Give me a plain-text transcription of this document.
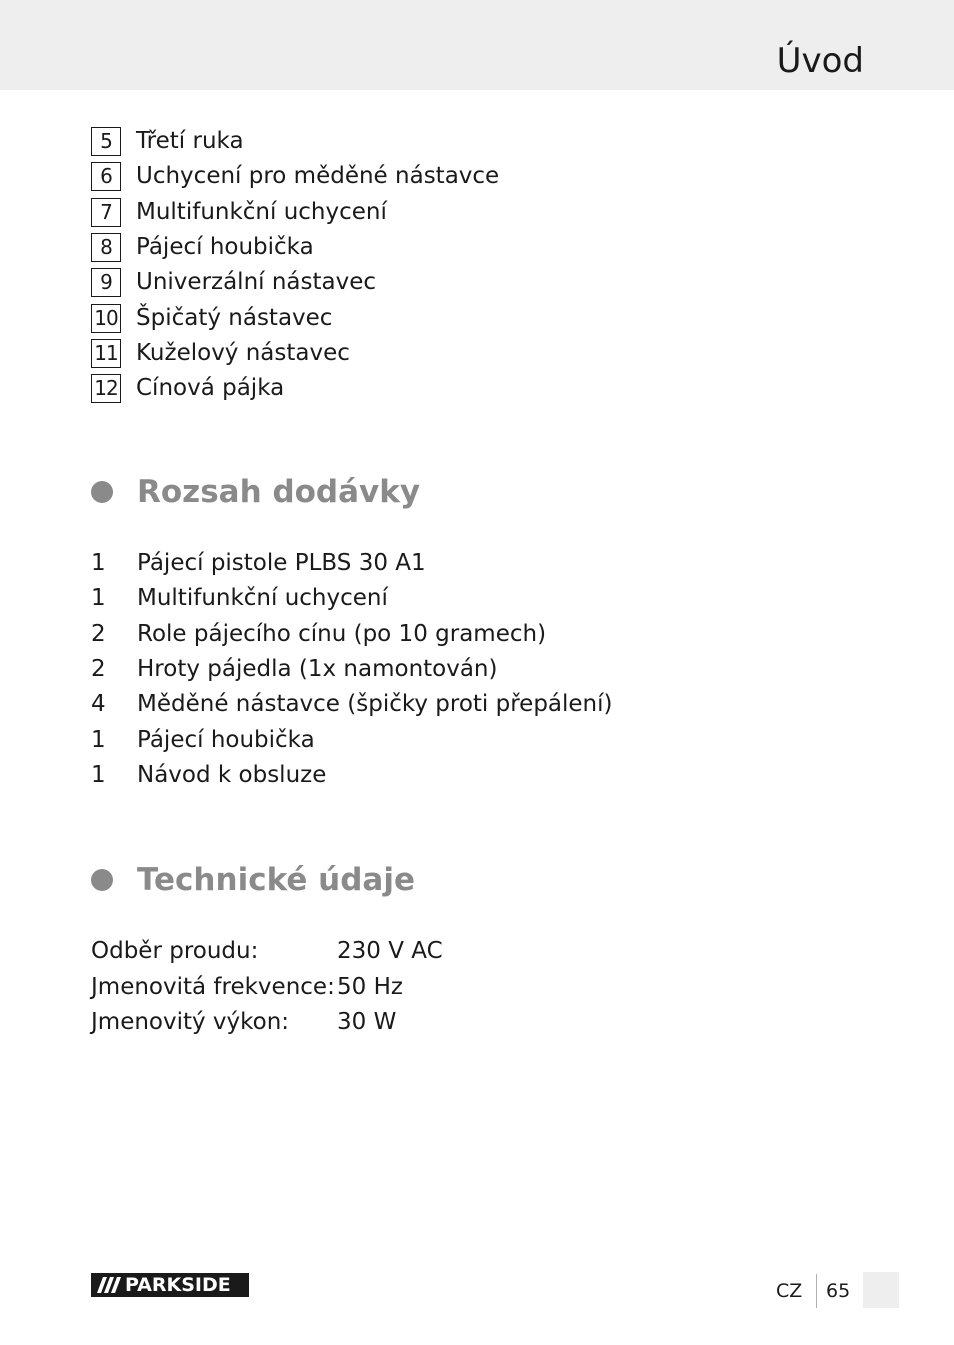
Úvod
5	Třetí ruka
6	Uchycení pro měděné nástavce
7	Multifunkční uchycení
8	Pájecí houbička
9	Univerzální nástavec
10 Špičatý nástavec
11 Kuželový nástavec
12 Cínová pájka
Rozsah dodávky
1	Pájecí pistole PLBS 30 A1
1	Multifunkční uchycení
2	Role pájecího cínu (po 10 gramech)
2	Hroty pájedla (1x namontován)
4	Měděné nástavce (špičky proti přepálení)
1	Pájecí houbička
1	Návod k obsluze
Technické údaje
Odběr proudu:	230 V AC
Jmenovitá frekvence: 50 Hz
Jmenovitý výkon:	30 W
PARKSIDE	CZ 65
